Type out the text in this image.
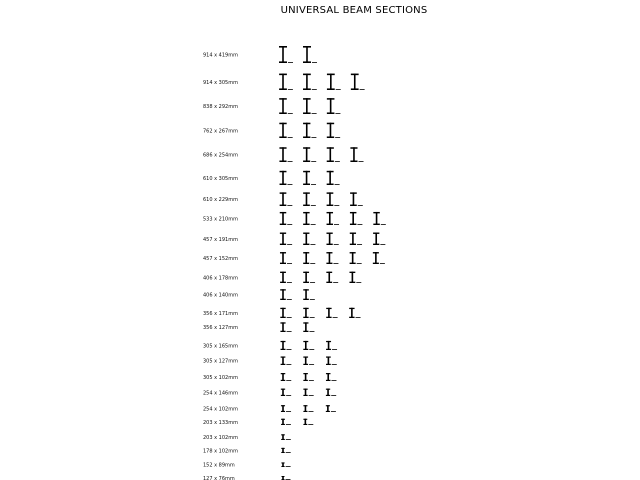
UNIVERSAL BEAM SECTIONS
914 x 419mm
914 x 305mm
838 x 292mm
762 x 267mm
686 x 254mm
610 x 305mm
610 x 229mm
533 x 210mm
457 x 191mm
457 x 152mm
406 x 178mm
406 x 140mm
356 x 171mm
356 x 127mm
305 x 165mm
305 x 127mm
305 x 102mm
254 x 146mm
254 x 102mm
203 x 133mm
203 x 102mm
178 x 102mm
152 x 89mm
127 x 76mm
